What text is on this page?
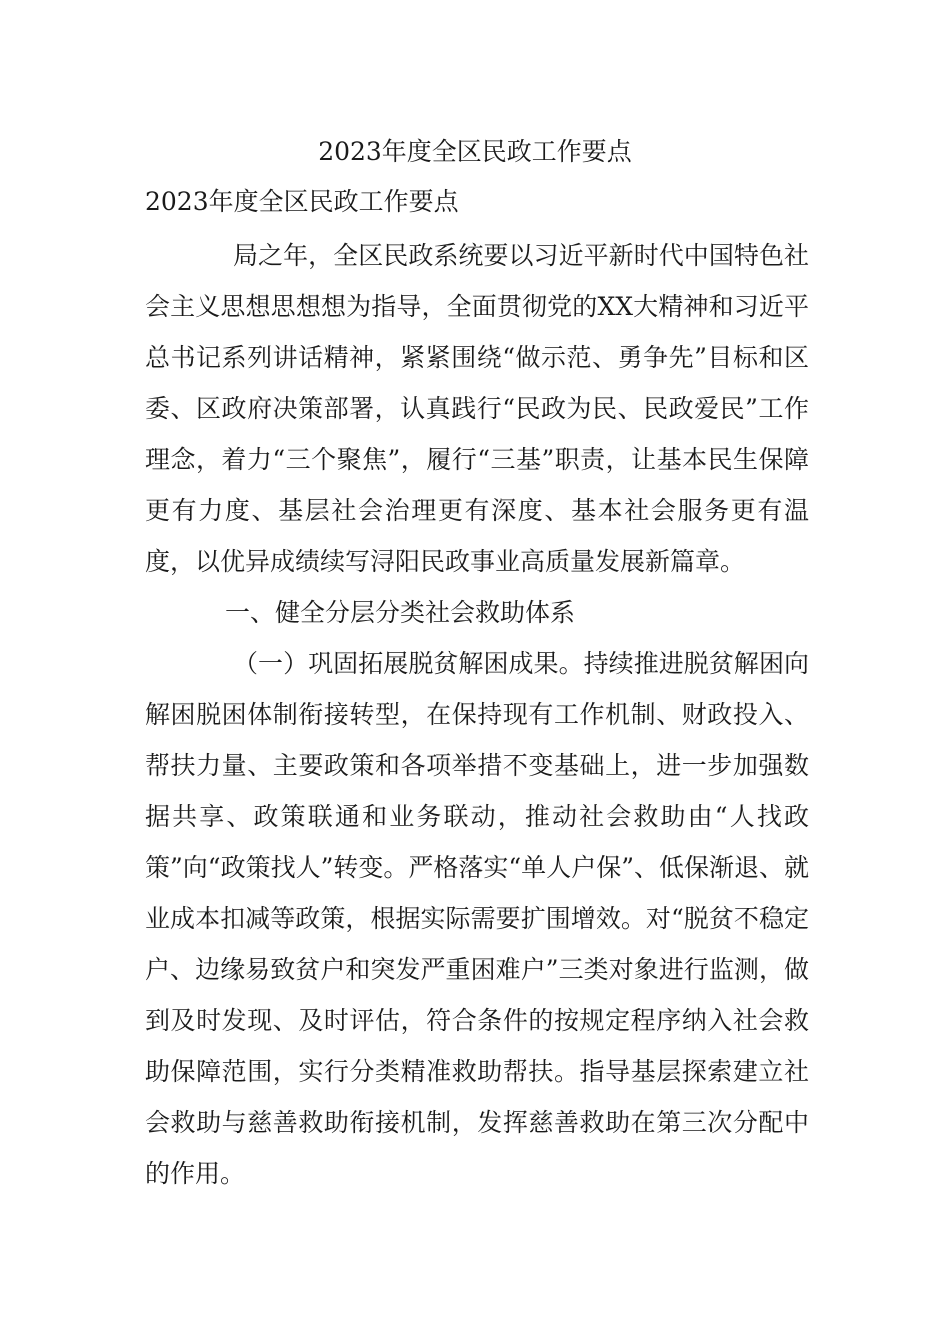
2023年度全区民政工作要点
2023年度全区民政工作要点

局之年，全区民政系统要以习近平新时代中国特色社会主义思想思想想为指导，全面贯彻党的XX大精神和习近平总书记系列讲话精神，紧紧围绕“做示范、勇争先”目标和区委、区政府决策部署，认真践行“民政为民、民政爱民”工作理念，着力“三个聚焦”，履行“三基”职责，让基本民生保障更有力度、基层社会治理更有深度、基本社会服务更有温度，以优异成绩续写浔阳民政事业高质量发展新篇章。

一、健全分层分类社会救助体系

（一）巩固拓展脱贫解困成果。持续推进脱贫解困向解困脱困体制衔接转型，在保持现有工作机制、财政投入、帮扶力量、主要政策和各项举措不变基础上，进一步加强数据共享、政策联通和业务联动，推动社会救助由“人找政策”向“政策找人”转变。严格落实“单人户保”、低保渐退、就业成本扣减等政策，根据实际需要扩围增效。对“脱贫不稳定户、边缘易致贫户和突发严重困难户”三类对象进行监测，做到及时发现、及时评估，符合条件的按规定程序纳入社会救助保障范围，实行分类精准救助帮扶。指导基层探索建立社会救助与慈善救助衔接机制，发挥慈善救助在第三次分配中的作用。
